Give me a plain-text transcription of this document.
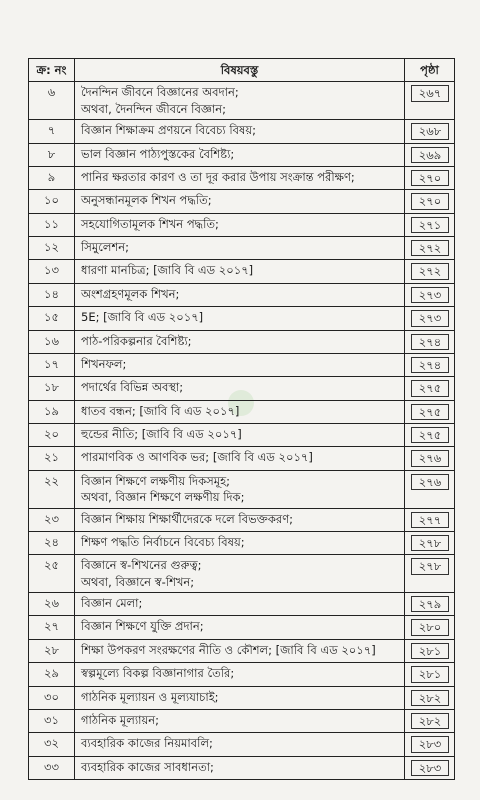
ক্র: নং	বিষয়বস্তু	পৃষ্ঠা
৬	দৈনন্দিন জীবনে বিজ্ঞানের অবদান;
অথবা, দৈনন্দিন জীবনে বিজ্ঞান;	২৬৭
৭	বিজ্ঞান শিক্ষাক্রম প্রণয়নে বিবেচ্য বিষয়;	২৬৮
৮	ভাল বিজ্ঞান পাঠ্যপুস্তকের বৈশিষ্ট্য;	২৬৯
৯	পানির ক্ষরতার কারণ ও তা দূর করার উপায় সংক্রান্ত পরীক্ষণ;	২৭০
১০	অনুসন্ধানমূলক শিখন পদ্ধতি;	২৭০
১১	সহযোগিতামূলক শিখন পদ্ধতি;	২৭১
১২	সিমুলেশন;	২৭২
১৩	ধারণা মানচিত্র; [জাবি বি এড ২০১৭]	২৭২
১৪	অংশগ্রহণমূলক শিখন;	২৭৩
১৫	5E; [জাবি বি এড ২০১৭]	২৭৩
১৬	পাঠ-পরিকল্পনার বৈশিষ্ট্য;	২৭৪
১৭	শিখনফল;	২৭৪
১৮	পদার্থের বিভিন্ন অবস্থা;	২৭৫
১৯	ধাতব বন্ধন; [জাবি বি এড ২০১৭]	২৭৫
২০	হুন্ডের নীতি; [জাবি বি এড ২০১৭]	২৭৫
২১	পারমাণবিক ও আণবিক ভর; [জাবি বি এড ২০১৭]	২৭৬
২২	বিজ্ঞান শিক্ষণে লক্ষণীয় দিকসমূহ;
অথবা, বিজ্ঞান শিক্ষণে লক্ষণীয় দিক;	২৭৬
২৩	বিজ্ঞান শিক্ষায় শিক্ষার্থীদেরকে দলে বিভক্তকরণ;	২৭৭
২৪	শিক্ষণ পদ্ধতি নির্বাচনে বিবেচ্য বিষয়;	২৭৮
২৫	বিজ্ঞানে স্ব-শিখনের গুরুত্ব;
অথবা, বিজ্ঞানে স্ব-শিখন;	২৭৮
২৬	বিজ্ঞান মেলা;	২৭৯
২৭	বিজ্ঞান শিক্ষণে যুক্তি প্রদান;	২৮০
২৮	শিক্ষা উপকরণ সংরক্ষণের নীতি ও কৌশল; [জাবি বি এড ২০১৭]	২৮১
২৯	স্বল্পমূল্যে বিকল্প বিজ্ঞানাগার তৈরি;	২৮১
৩০	গাঠনিক মূল্যায়ন ও মূল্যযাচাই;	২৮২
৩১	গাঠনিক মূল্যায়ন;	২৮২
৩২	ব্যবহারিক কাজের নিয়মাবলি;	২৮৩
৩৩	ব্যবহারিক কাজের সাবধানতা;	২৮৩
